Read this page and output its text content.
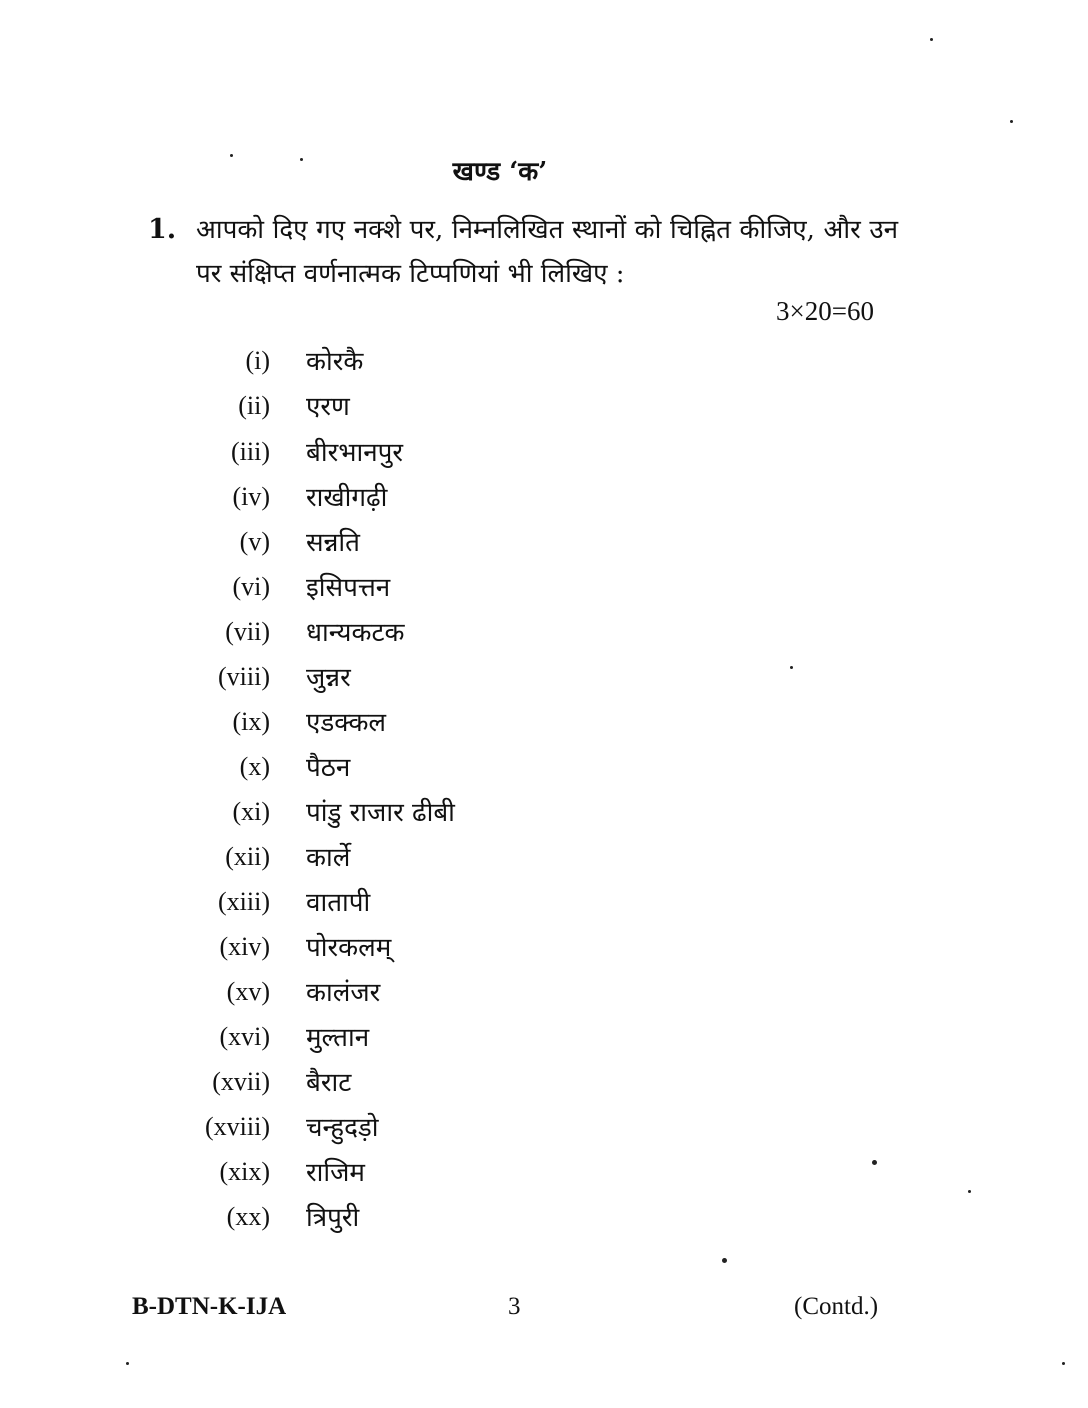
खण्ड ‘क’
1. आपको दिए गए नक्शे पर, निम्नलिखित स्थानों को चिह्नित कीजिए, और उन पर संक्षिप्त वर्णनात्मक टिप्पणियां भी लिखिए :
3×20=60
(i) कोरकै
(ii) एरण
(iii) बीरभानपुर
(iv) राखीगढ़ी
(v) सन्नति
(vi) इसिपत्तन
(vii) धान्यकटक
(viii) जुन्नर
(ix) एडक्कल
(x) पैठन
(xi) पांडु राजार ढीबी
(xii) कार्ले
(xiii) वातापी
(xiv) पोरकलम्
(xv) कालंजर
(xvi) मुल्तान
(xvii) बैराट
(xviii) चन्हुदड़ो
(xix) राजिम
(xx) त्रिपुरी
B-DTN-K-IJA	3	(Contd.)
